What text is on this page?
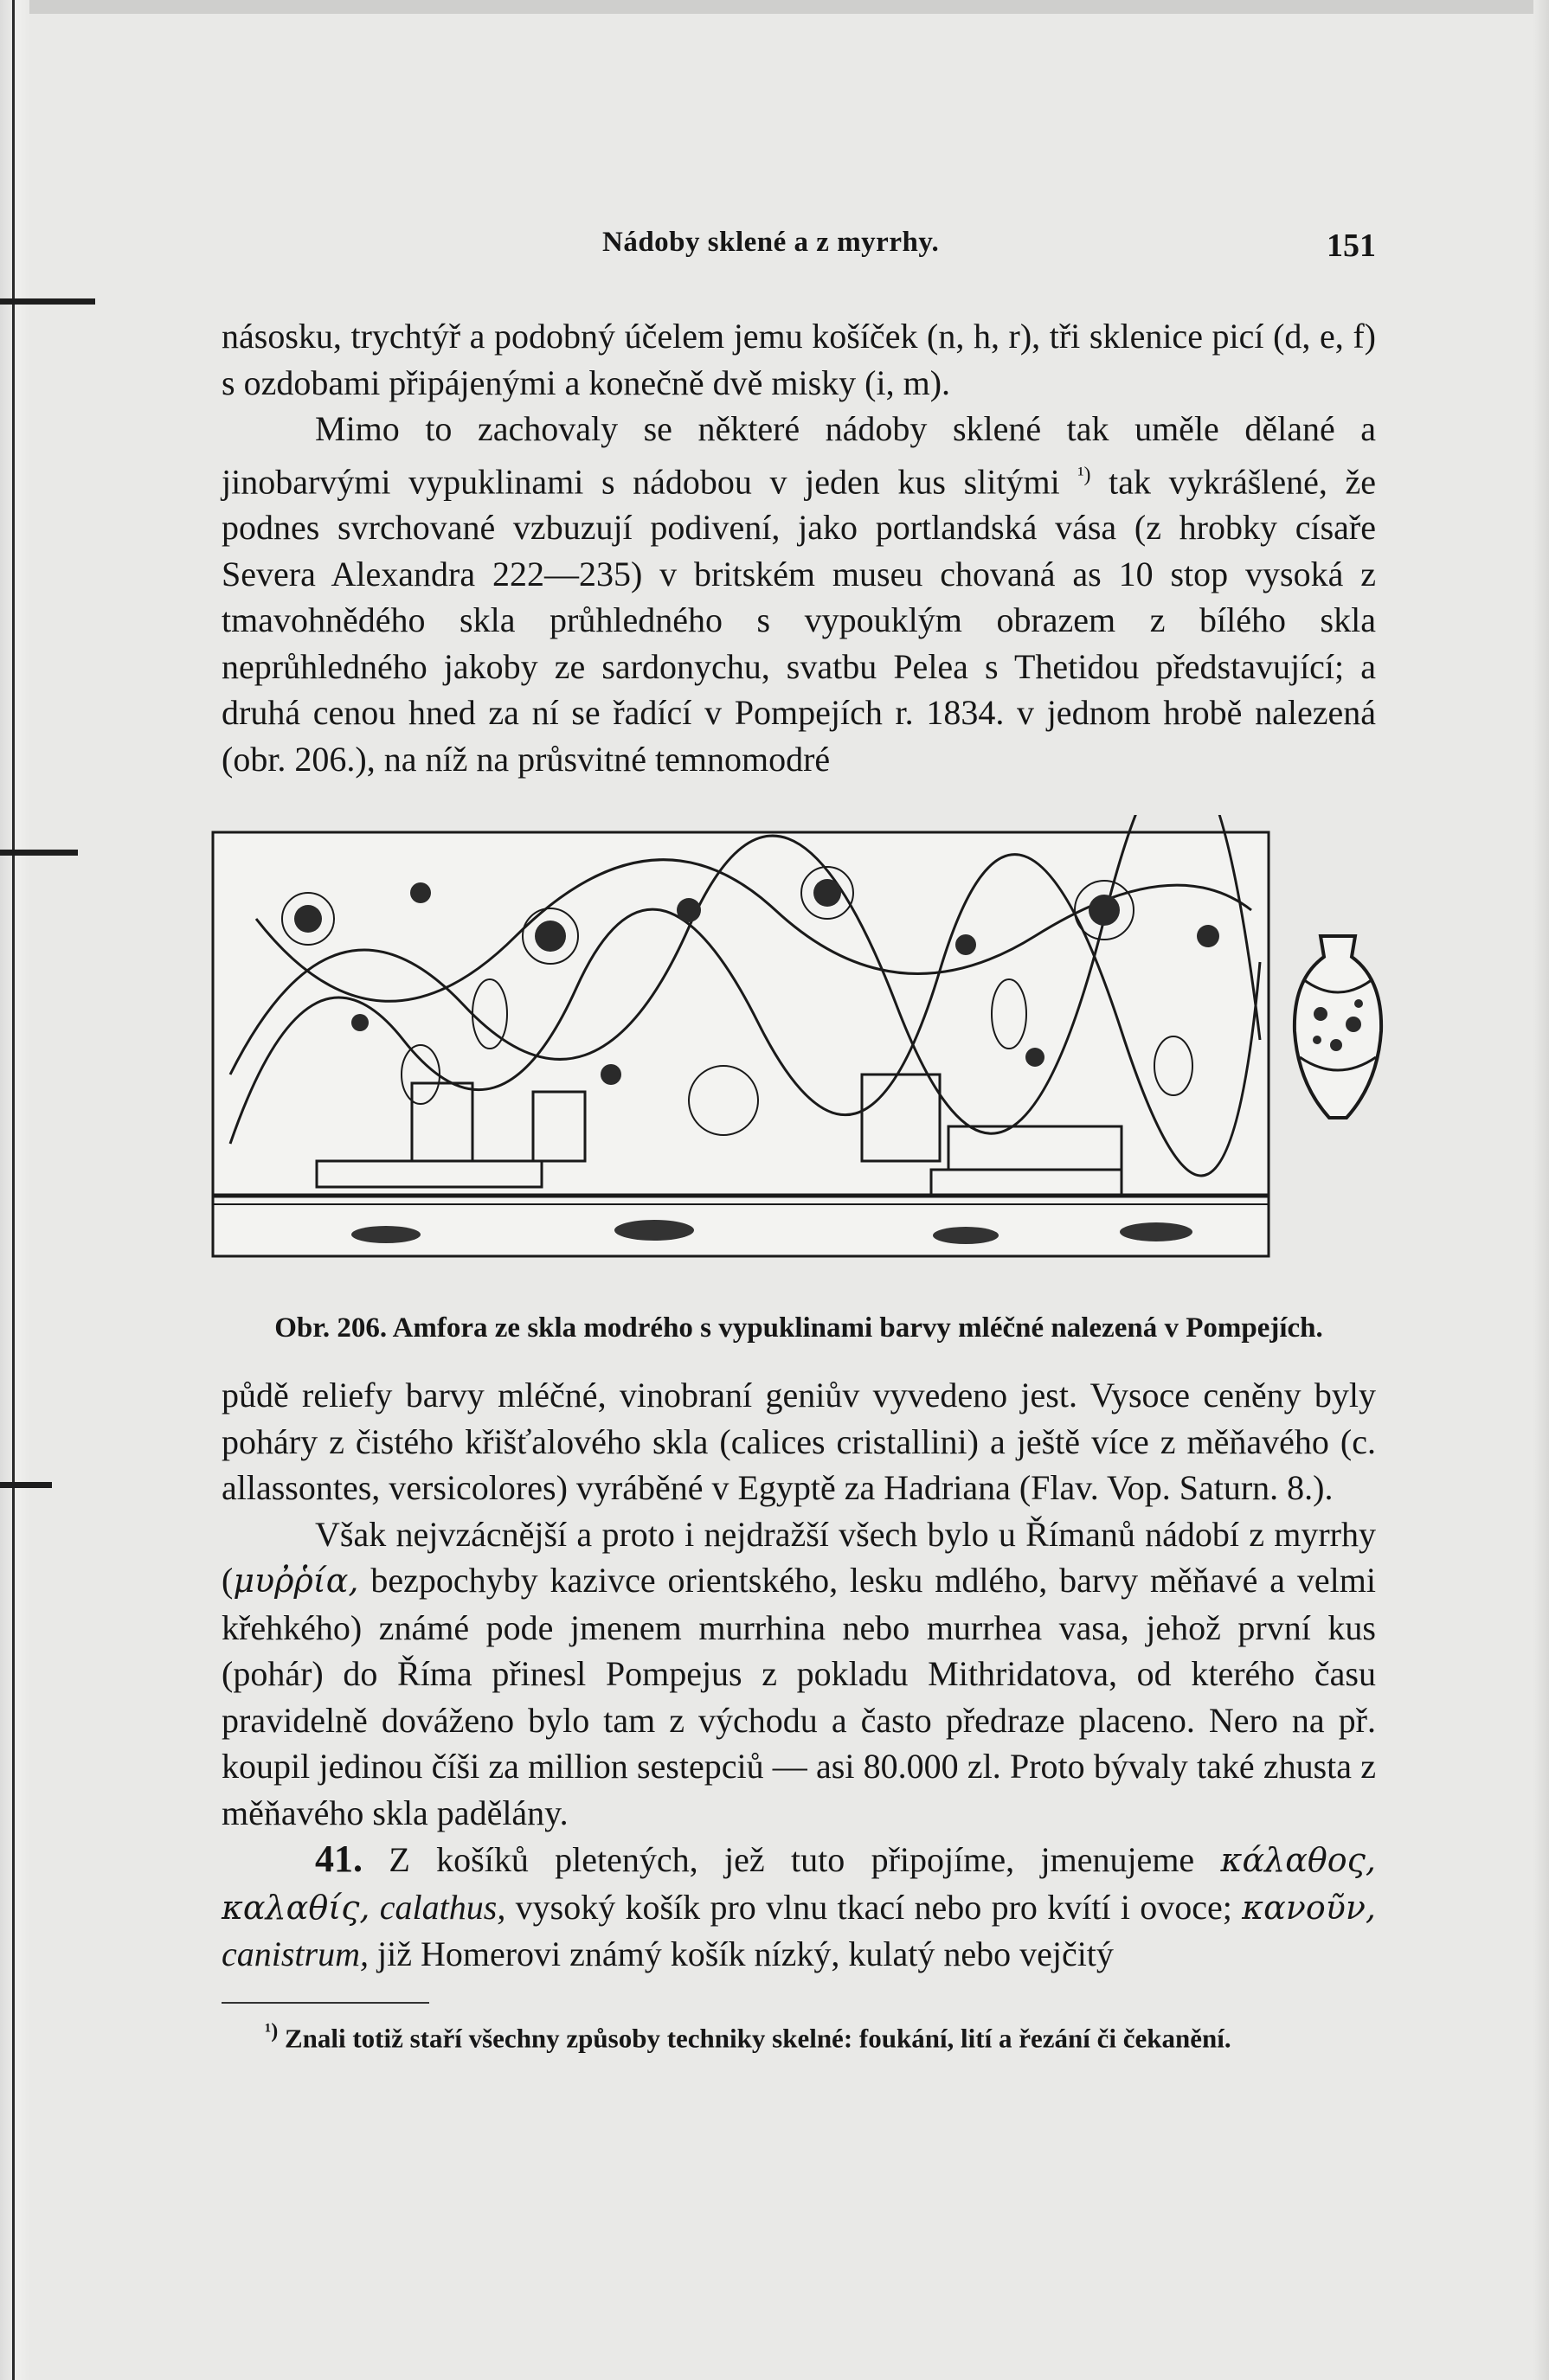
Nádoby sklené a z myrrhy.	151

násosku, trychtýř a podobný účelem jemu košíček (n, h, r), tři sklenice picí (d, e, f) s ozdobami připájenými a konečně dvě misky (i, m).

Mimo to zachovaly se některé nádoby sklené tak uměle dělané a jinobarvými vypuklinami s nádobou v jeden kus slitými $^{^1)}$ tak vykrášlené, že podnes svrchované vzbuzují podivení, jako portlandská vása (z hrobky císaře Severa Alexandra 222—235) v britském museu chovaná as 10 stop vysoká z tmavohnědého skla průhledného s vypouklým obrazem z bílého skla neprůhledného jakoby ze sardonychu, svatbu Pelea s Thetidou představující; a druhá cenou hned za ní se řadící v Pompejích r. 1834. v jednom hrobě nalezená (obr. 206.), na níž na průsvitné temnomodré

Obr. 206. Amfora ze skla modrého s vypuklinami barvy mléčné nalezená v Pompejích.

půdě reliefy barvy mléčné, vinobraní geniův vyvedeno jest. Vysoce ceněny byly poháry z čistého křišťalového skla (calices cristallini) a ještě více z měňavého (c. allassontes, versicolores) vyráběné v Egyptě za Hadriana (Flav. Vop. Saturn. 8.).

Však nejvzácnější a proto i nejdražší všech bylo u Římanů nádobí z myrrhy (μυῤῥία, bezpochyby kazivce orientského, lesku mdlého, barvy měňavé a velmi křehkého) známé pode jmenem murrhina nebo murrhea vasa, jehož první kus (pohár) do Říma přinesl Pompejus z pokladu Mithridatova, od kterého času pravidelně dováženo bylo tam z východu a často předraze placeno. Nero na př. koupil jedinou číši za million sestерciů — asi 80.000 zl. Proto bývaly také zhusta z měňavého skla padělány.

41. Z košíků pletených, jež tuto připojíme, jmenujeme κάλαθος, καλαθίς, calathus, vysoký košík pro vlnu tkací nebo pro kvítí i ovoce; κανοῦν, canistrum, již Homerovi známý košík nízký, kulatý nebo vejčitý

$^{^1)}$ Znali totiž staří všechny způsoby techniky skelné: foukání, lití a řezání či čekanění.
